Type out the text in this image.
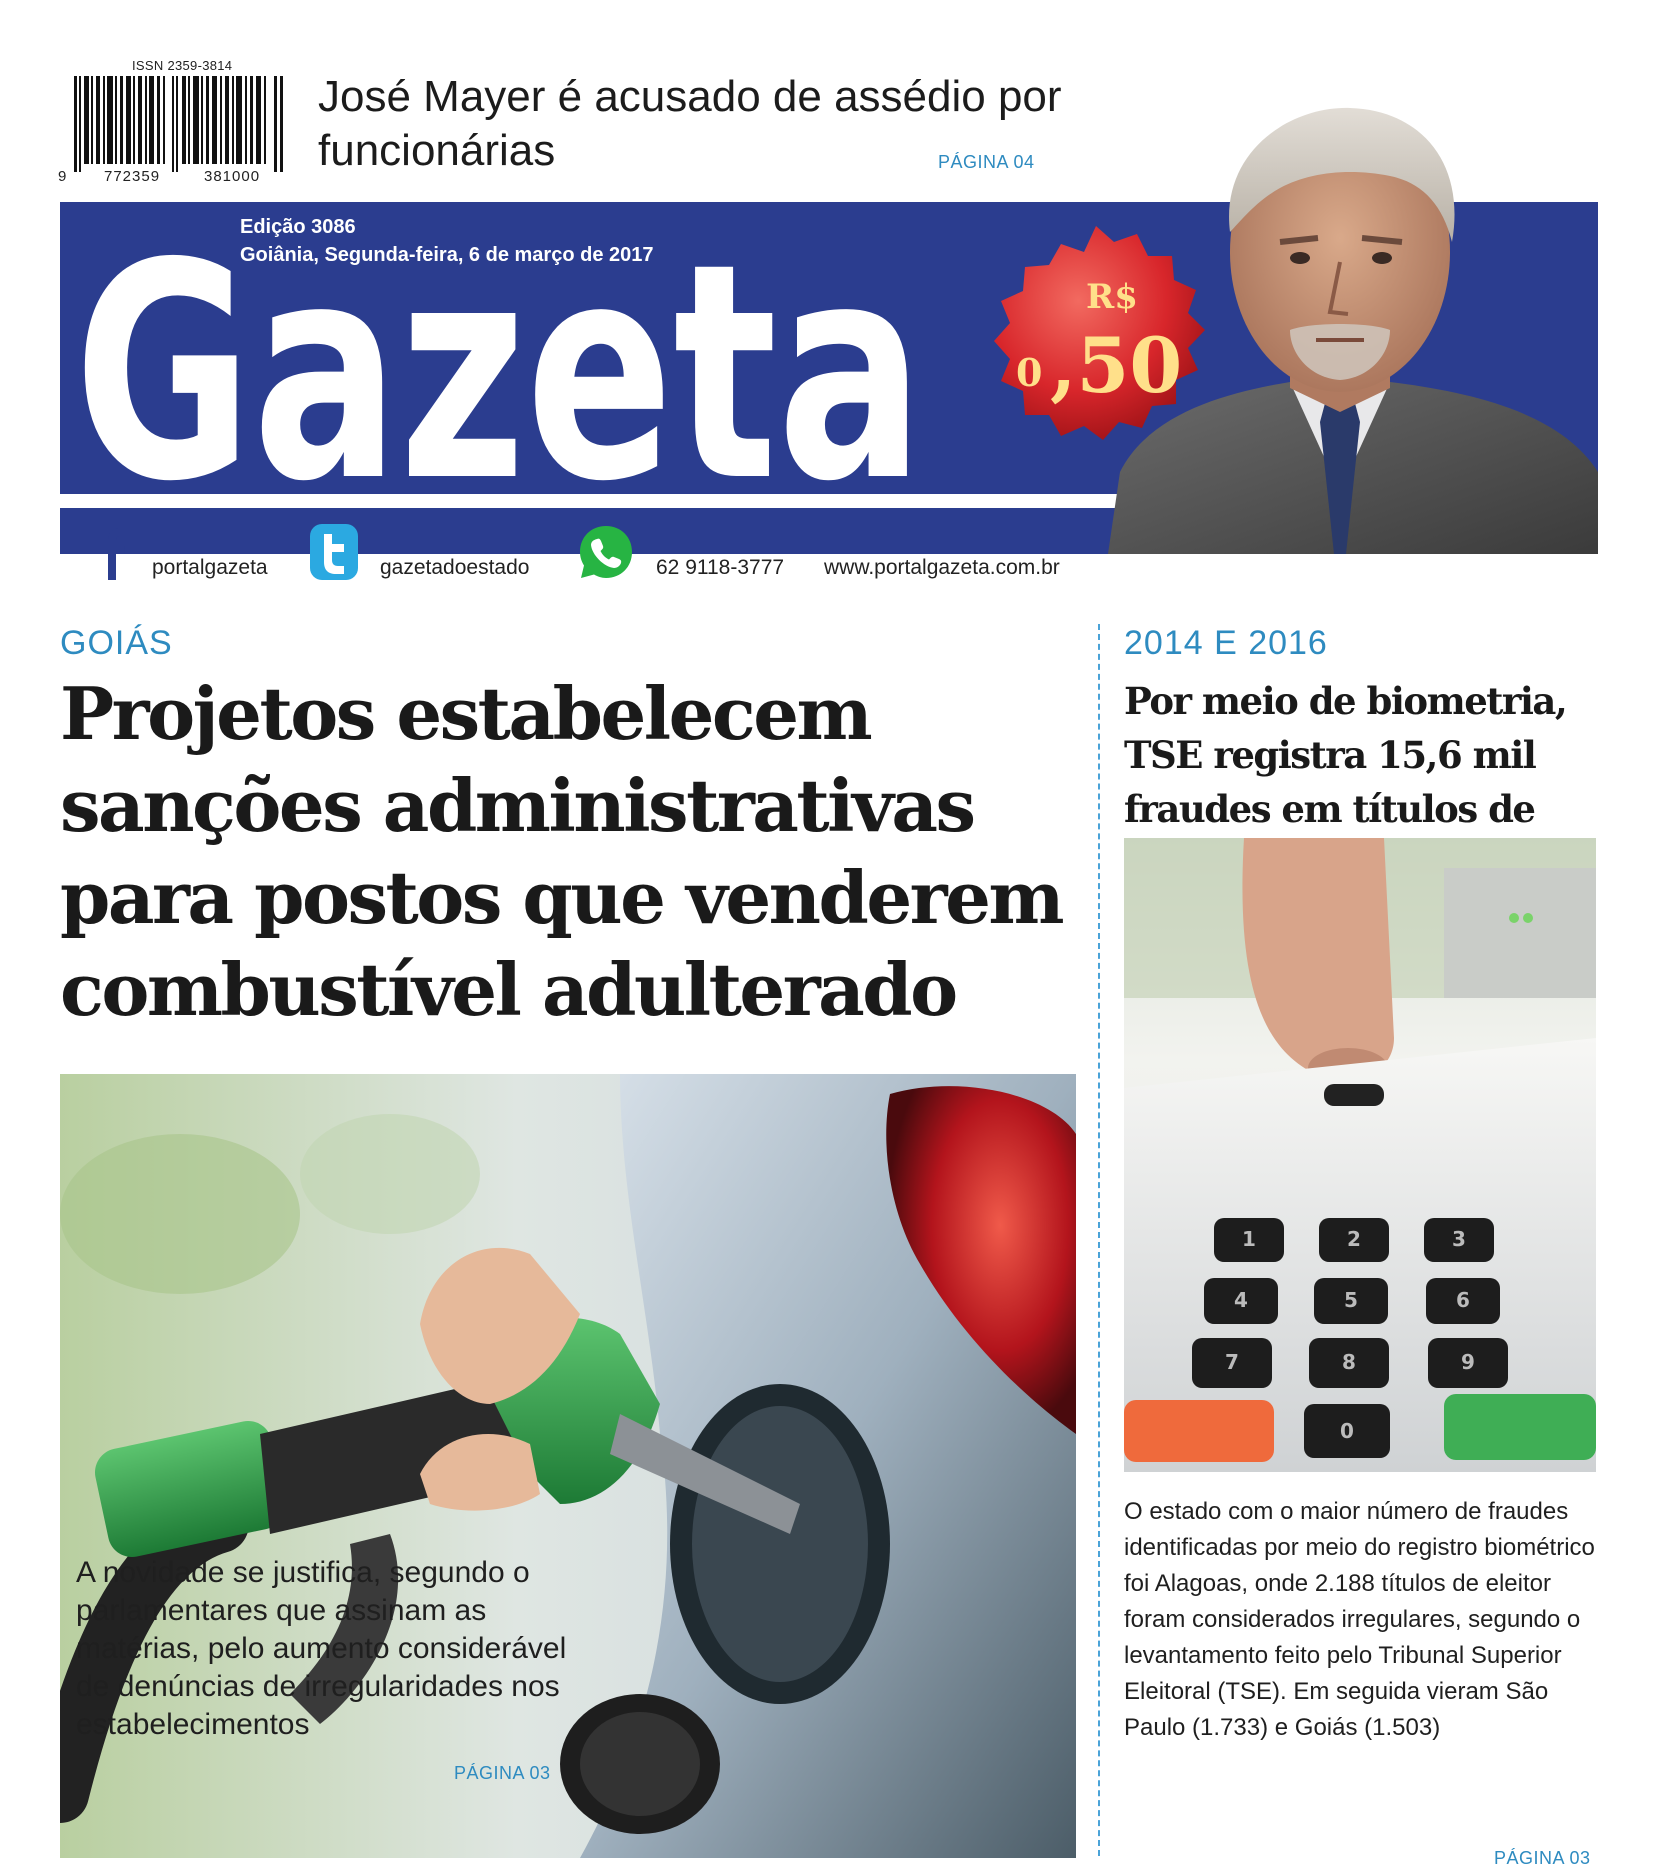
ISSN 2359-3814
9	772359	381000
José Mayer é acusado de assédio por funcionárias	PÁGINA 04
Gazeta
Edição 3086
Goiânia, Segunda-feira, 6 de março de 2017
R$
0 ,50
portalgazeta	gazetadoestado	62 9118-3777 www.portalgazeta.com.br
GOIÁS
Projetos estabelecem sanções administrativas para postos que venderem combustível adulterado
A novidade se justifica, segundo o parlamentares que assinam as matérias, pelo aumento considerável de denúncias de irregularidades nos estabelecimentos
PÁGINA 03
2014 E 2016
Por meio de biometria, TSE registra 15,6 mil fraudes em títulos de
1	2	3
4	5	6
7	8	9
0
O estado com o maior número de fraudes identificadas por meio do registro biométrico foi Alagoas, onde 2.188 títulos de eleitor foram considerados irregulares, segundo o levantamento feito pelo Tribunal Superior Eleitoral (TSE). Em seguida vieram São Paulo (1.733) e Goiás (1.503)
PÁGINA 03
